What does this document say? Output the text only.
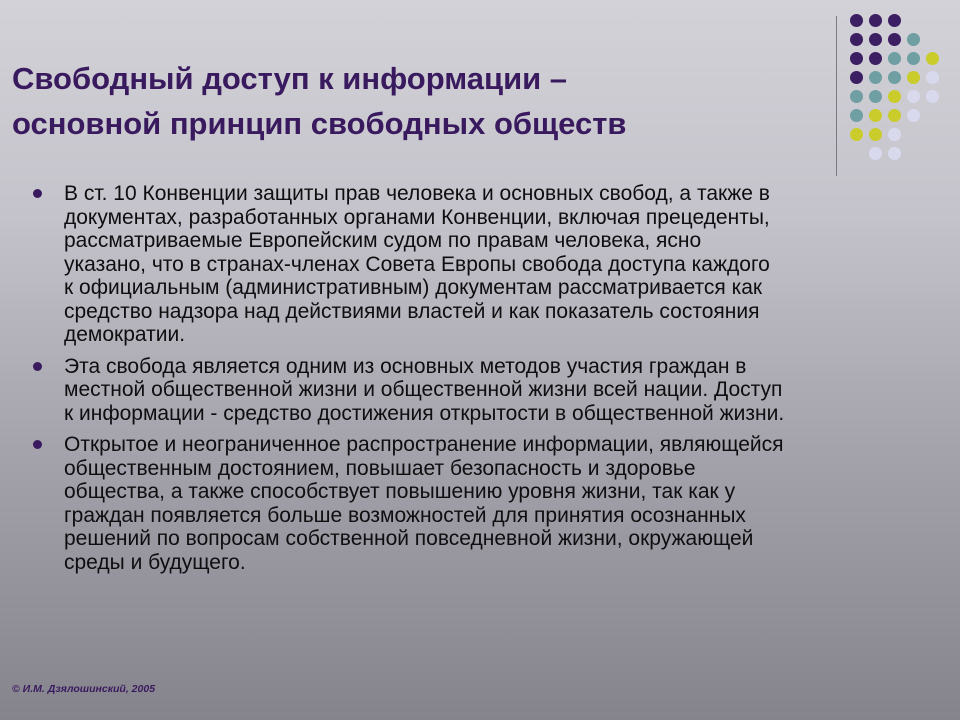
Свободный доступ к информации –
основной принцип свободных обществ
В ст. 10 Конвенции защиты прав человека и основных свобод, а также в
документах, разработанных органами Конвенции, включая прецеденты,
рассматриваемые Европейским судом по правам человека, ясно
указано, что в странах-членах Совета Европы свобода доступа каждого
к официальным (административным) документам рассматривается как
средство надзора над действиями властей и как показатель состояния
демократии.
Эта свобода является одним из основных методов участия граждан в
местной общественной жизни и общественной жизни всей нации. Доступ
к информации - средство достижения открытости в общественной жизни.
Открытое и неограниченное распространение информации, являющейся
общественным достоянием, повышает безопасность и здоровье
общества, а также способствует повышению уровня жизни, так как у
граждан появляется больше возможностей для принятия осознанных
решений по вопросам собственной повседневной жизни, окружающей
среды и будущего.
© И.М. Дзялошинский, 2005
